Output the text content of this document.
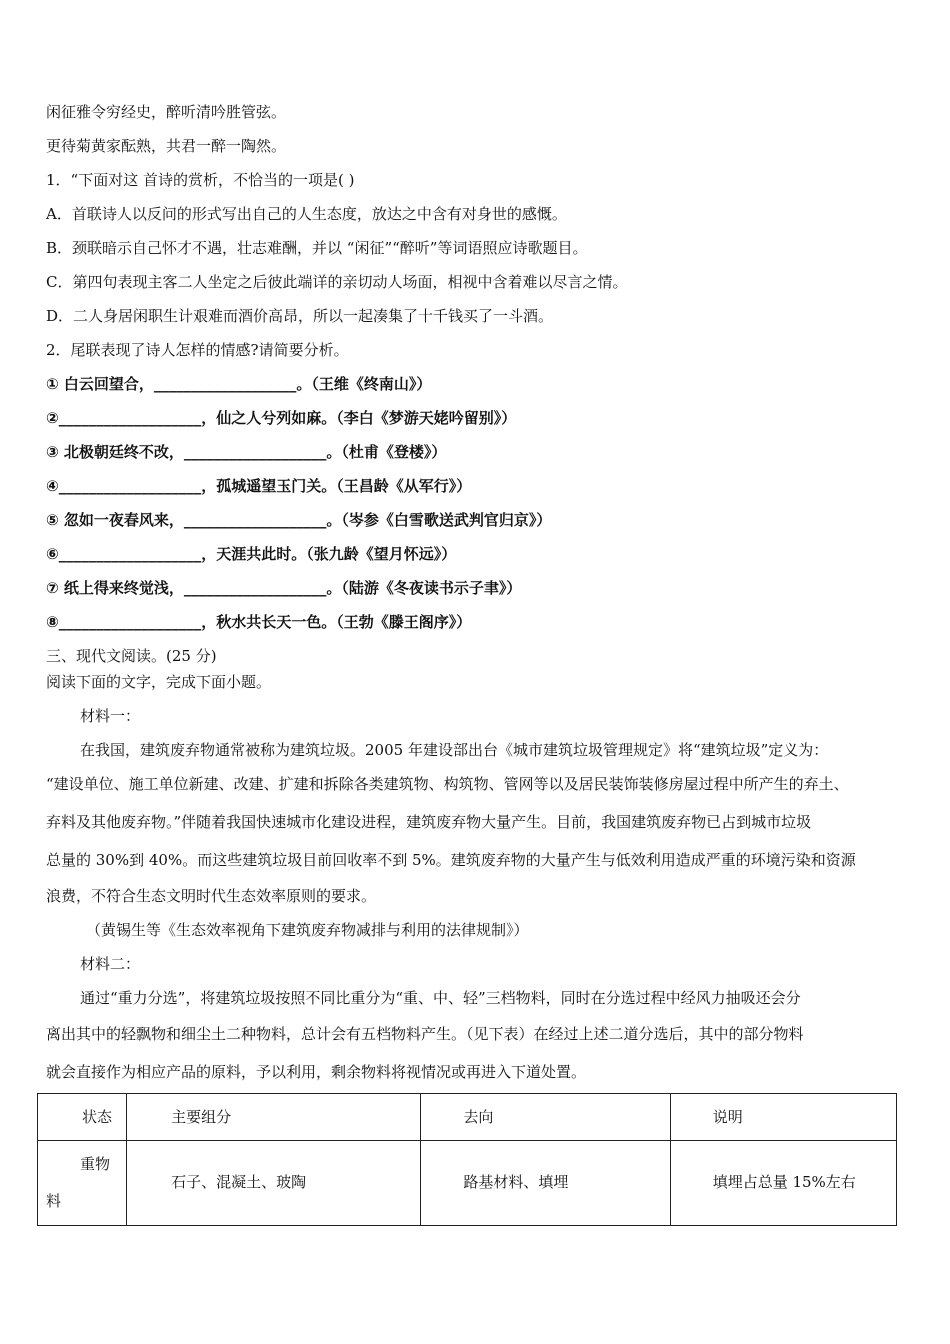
闲征雅令穷经史，醉听清吟胜管弦。
更待菊黄家酝熟，共君一醉一陶然。
1．“下面对这 首诗的赏析，不恰当的一项是( )
A．首联诗人以反问的形式写出自己的人生态度，放达之中含有对身世的感慨。
B．颈联暗示自己怀才不遇，壮志难酬，并以 “闲征”“醉听”等词语照应诗歌题目。
C．第四句表现主客二人坐定之后彼此端详的亲切动人场面，相视中含着难以尽言之情。
D．二人身居闲职生计艰难而酒价高昂，所以一起凑集了十千钱买了一斗酒。
2．尾联表现了诗人怎样的情感?请简要分析。
① 白云回望合，___________________。（王维《终南山》）
②___________________，仙之人兮列如麻。（李白《梦游天姥吟留别》）
③ 北极朝廷终不改，___________________。（杜甫《登楼》）
④___________________，孤城遥望玉门关。（王昌龄《从军行》）
⑤ 忽如一夜春风来，___________________。（岑参《白雪歌送武判官归京》）
⑥___________________，天涯共此时。（张九龄《望月怀远》）
⑦ 纸上得来终觉浅，___________________。（陆游《冬夜读书示子聿》）
⑧___________________，秋水共长天一色。（王勃《滕王阁序》）
三、现代文阅读。(25 分)
阅读下面的文字，完成下面小题。
材料一：
在我国，建筑废弃物通常被称为建筑垃圾。2005 年建设部出台《城市建筑垃圾管理规定》将“建筑垃圾”定义为：
“建设单位、施工单位新建、改建、扩建和拆除各类建筑物、构筑物、管网等以及居民装饰装修房屋过程中所产生的弃土、
弃料及其他废弃物。”伴随着我国快速城市化建设进程，建筑废弃物大量产生。目前，我国建筑废弃物已占到城市垃圾
总量的 30%到 40%。而这些建筑垃圾目前回收率不到 5%。建筑废弃物的大量产生与低效利用造成严重的环境污染和资源
浪费，不符合生态文明时代生态效率原则的要求。
（黄锡生等《生态效率视角下建筑废弃物减排与利用的法律规制》）
材料二：
通过“重力分选”，将建筑垃圾按照不同比重分为“重、中、轻”三档物料，同时在分选过程中经风力抽吸还会分
离出其中的轻飘物和细尘土二种物料，总计会有五档物料产生。（见下表）在经过上述二道分选后，其中的部分物料
就会直接作为相应产品的原料，予以利用，剩余物料将视情况或再进入下道处置。
状态	主要组分	去向	说明

重物
料	石子、混凝土、玻陶	路基材料、填埋	填埋占总量 15%左右
